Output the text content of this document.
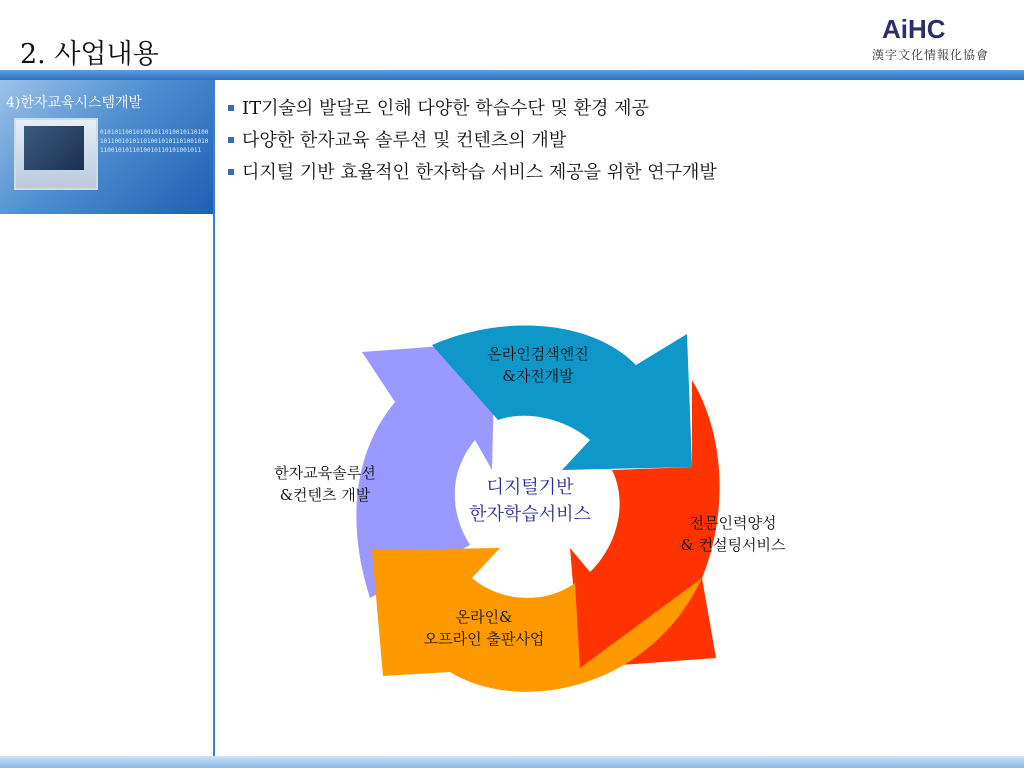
2. 사업내용
AiHC
漢字文化情報化協會
4)한자교육시스템개발
0101011001010010110100101101001011001010110100101011010010101100101011010010110101001011
IT기술의 발달로 인해 다양한 학습수단 및 환경 제공
다양한 한자교육 솔루션 및 컨텐츠의 개발
디지털 기반 효율적인 한자학습 서비스 제공을 위한 연구개발
온라인검색엔진
&자전개발
전문인력양성
& 컨설팅서비스
온라인&
오프라인 출판사업
한자교육솔루션
&컨텐츠 개발	디지털기반
한자학습서비스
